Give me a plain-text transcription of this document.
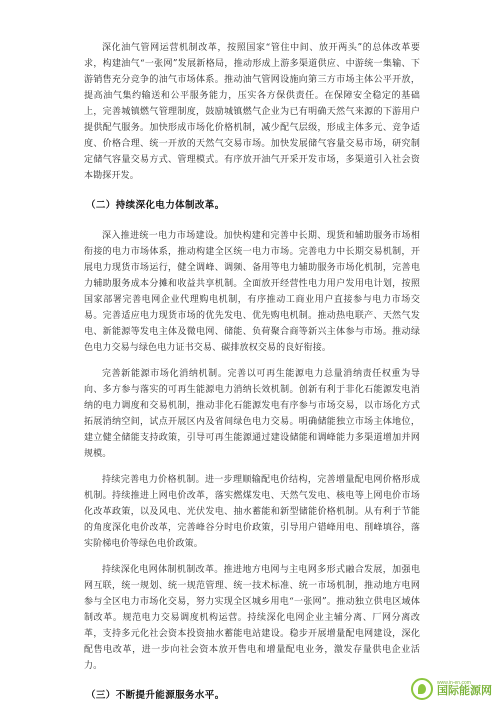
深化油气管网运营机制改革，按照国家“管住中间、放开两头”的总体改革要求，构建油气“一张网”发展新格局，推动形成上游多渠道供应、中游统一集输、下游销售充分竞争的油气市场体系。推动油气管网设施向第三方市场主体公平开放，提高油气集约输送和公平服务能力，压实各方保供责任。在保障安全稳定的基础上，完善城镇燃气管理制度，鼓励城镇燃气企业为已有明确天然气来源的下游用户提供配气服务。加快形成市场化价格机制，减少配气层级，形成主体多元、竞争适度、价格合理、统一开放的天然气交易市场。加快发展储气容量交易市场，研究制定储气容量交易方式、管理模式。有序放开油气开采开发市场，多渠道引入社会资本勘探开发。

（二）持续深化电力体制改革。

深入推进统一电力市场建设。加快构建和完善中长期、现货和辅助服务市场相衔接的电力市场体系，推动构建全区统一电力市场。完善电力中长期交易机制，开展电力现货市场运行，健全调峰、调频、备用等电力辅助服务市场化机制，完善电力辅助服务成本分摊和收益共享机制。全面放开经营性电力用户发用电计划，按照国家部署完善电网企业代理购电机制，有序推动工商业用户直接参与电力市场交易。完善适应电力现货市场的优先发电、优先购电机制。推动热电联产、天然气发电、新能源等发电主体及微电网、储能、负荷聚合商等新兴主体参与市场。推动绿色电力交易与绿色电力证书交易、碳排放权交易的良好衔接。

完善新能源市场化消纳机制。完善以可再生能源电力总量消纳责任权重为导向、多方参与落实的可再生能源电力消纳长效机制。创新有利于非化石能源发电消纳的电力调度和交易机制，推动非化石能源发电有序参与市场交易，以市场化方式拓展消纳空间，试点开展区内及省间绿色电力交易。明确储能独立市场主体地位，建立健全储能支持政策，引导可再生能源通过建设储能和调峰能力多渠道增加并网规模。

持续完善电力价格机制。进一步理顺输配电价结构，完善增量配电网价格形成机制。持续推进上网电价改革，落实燃煤发电、天然气发电、核电等上网电价市场化改革政策，以及风电、光伏发电、抽水蓄能和新型储能价格机制。从有利于节能的角度深化电价改革，完善峰谷分时电价政策，引导用户错峰用电、削峰填谷，落实阶梯电价等绿色电价政策。

持续深化电网体制机制改革。推进地方电网与主电网多形式融合发展，加强电网互联，统一规划、统一规范管理、统一技术标准、统一市场机制，推动地方电网参与全区电力市场化交易，努力实现全区城乡用电“一张网”。推动独立供电区域体制改革。规范电力交易调度机构运营。持续深化电网企业主辅分离、厂网分离改革，支持多元化社会资本投资抽水蓄能电站建设。稳步开展增量配电网建设，深化配售电改革，进一步向社会资本放开售电和增量配电业务，激发存量供电企业活力。

（三）不断提升能源服务水平。
www.in-en.com
国际能源网
